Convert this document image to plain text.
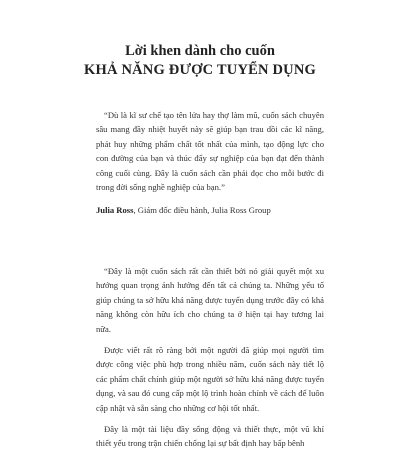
Lời khen dành cho cuốn
KHẢ NĂNG ĐƯỢC TUYỂN DỤNG

“Dù là kĩ sư chế tạo tên lửa hay thợ làm mũ, cuốn sách chuyên sâu mang đầy nhiệt huyết này sẽ giúp bạn trau dồi các kĩ năng, phát huy những phẩm chất tốt nhất của mình, tạo động lực cho con đường của bạn và thúc đẩy sự nghiệp của bạn đạt đến thành công cuối cùng. Đây là cuốn sách cần phải đọc cho mỗi bước đi trong đời sống nghề nghiệp của bạn.”

Julia Ross, Giám đốc điều hành, Julia Ross Group

“Đây là một cuốn sách rất cần thiết bởi nó giải quyết một xu hướng quan trọng ảnh hưởng đến tất cả chúng ta. Những yếu tố giúp chúng ta sở hữu khả năng được tuyển dụng trước đây có khả năng không còn hữu ích cho chúng ta ở hiện tại hay tương lai nữa.

Được viết rất rõ ràng bởi một người đã giúp mọi người tìm được công việc phù hợp trong nhiều năm, cuốn sách này tiết lộ các phẩm chất chính giúp một người sở hữu khả năng được tuyển dụng, và sau đó cung cấp một lộ trình hoàn chỉnh về cách để luôn cập nhật và sẵn sàng cho những cơ hội tốt nhất.

Đây là một tài liệu đầy sống động và thiết thực, một vũ khí thiết yếu trong trận chiến chống lại sự bất định hay bấp bênh
